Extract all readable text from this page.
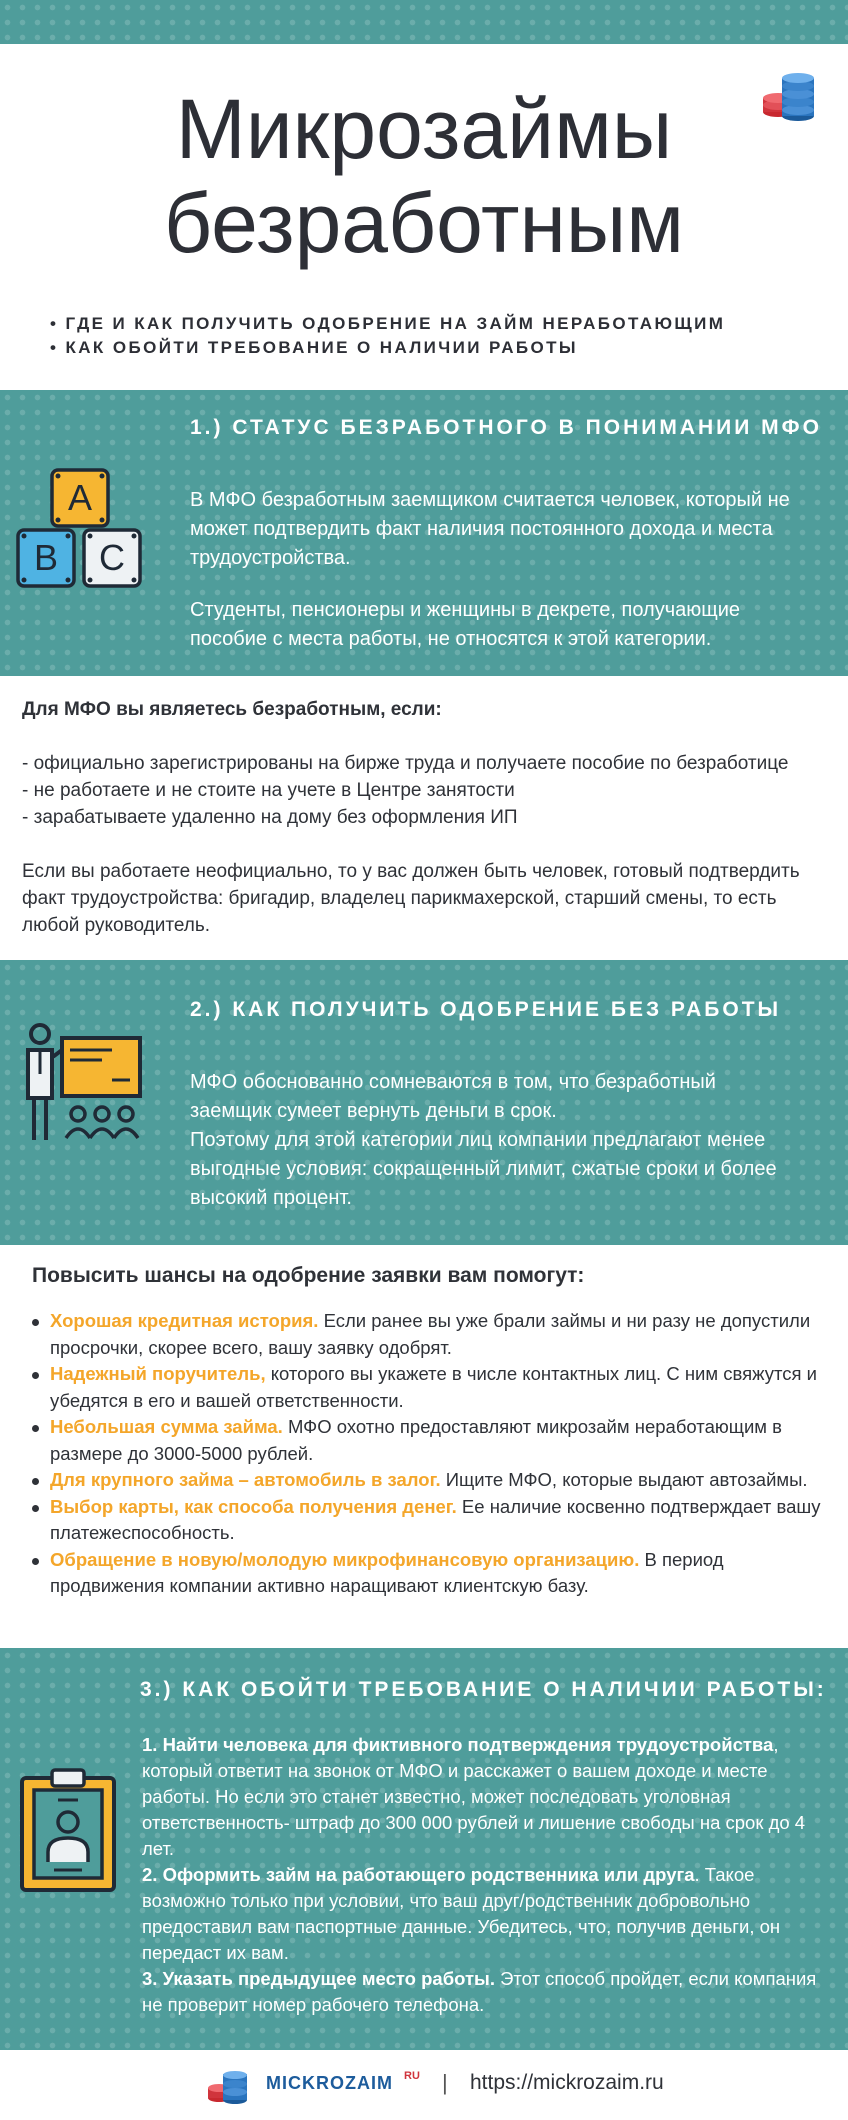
Микрозаймы
безработным
• ГДЕ И КАК ПОЛУЧИТЬ ОДОБРЕНИЕ НА ЗАЙМ НЕРАБОТАЮЩИМ
• КАК ОБОЙТИ ТРЕБОВАНИЕ О НАЛИЧИИ РАБОТЫ
1.) СТАТУС БЕЗРАБОТНОГО В ПОНИМАНИИ МФО
A
B C

В МФО безработным заемщиком считается человек, который не может подтвердить факт наличия постоянного дохода и места трудоустройства.

Студенты, пенсионеры и женщины в декрете, получающие пособие с места работы, не относятся к этой категории.

Для МФО вы являетесь безработным, если:

- официально зарегистрированы на бирже труда и получаете пособие по безработице

- не работаете и не стоите на учете в Центре занятости

- зарабатываете удаленно на дому без оформления ИП

Если вы работаете неофициально, то у вас должен быть человек, готовый подтвердить факт трудоустройства: бригадир, владелец парикмахерской, старший смены, то есть любой руководитель.

2.) КАК ПОЛУЧИТЬ ОДОБРЕНИЕ БЕЗ РАБОТЫ

МФО обоснованно сомневаются в том, что безработный заемщик сумеет вернуть деньги в срок.

Поэтому для этой категории лиц компании предлагают менее выгодные условия: сокращенный лимит, сжатые сроки и более высокий процент.

Повысить шансы на одобрение заявки вам помогут:
Хорошая кредитная история. Если ранее вы уже брали займы и ни разу не допустили просрочки, скорее всего, вашу заявку одобрят.
Надежный поручитель, которого вы укажете в числе контактных лиц. С ним свяжутся и убедятся в его и вашей ответственности.
Небольшая сумма займа. МФО охотно предоставляют микрозайм неработающим в размере до 3000-5000 рублей.
Для крупного займа – автомобиль в залог. Ищите МФО, которые выдают автозаймы.
Выбор карты, как способа получения денег. Ее наличие косвенно подтверждает вашу платежеспособность.
Обращение в новую/молодую микрофинансовую организацию. В период продвижения компании активно наращивают клиентскую базу.
3.) КАК ОБОЙТИ ТРЕБОВАНИЕ О НАЛИЧИИ РАБОТЫ:

1. Найти человека для фиктивного подтверждения трудоустройства, который ответит на звонок от МФО и расскажет о вашем доходе и месте работы. Но если это станет известно, может последовать уголовная ответственность- штраф до 300 000 рублей и лишение свободы на срок до 4 лет.

2. Оформить займ на работающего родственника или друга. Такое возможно только при условии, что ваш друг/родственник добровольно предоставил вам паспортные данные. Убедитесь, что, получив деньги, он передаст их вам.

3. Указать предыдущее место работы. Этот способ пройдет, если компания не проверит номер рабочего телефона.

MICKROZAIM RU | https://mickrozaim.ru
